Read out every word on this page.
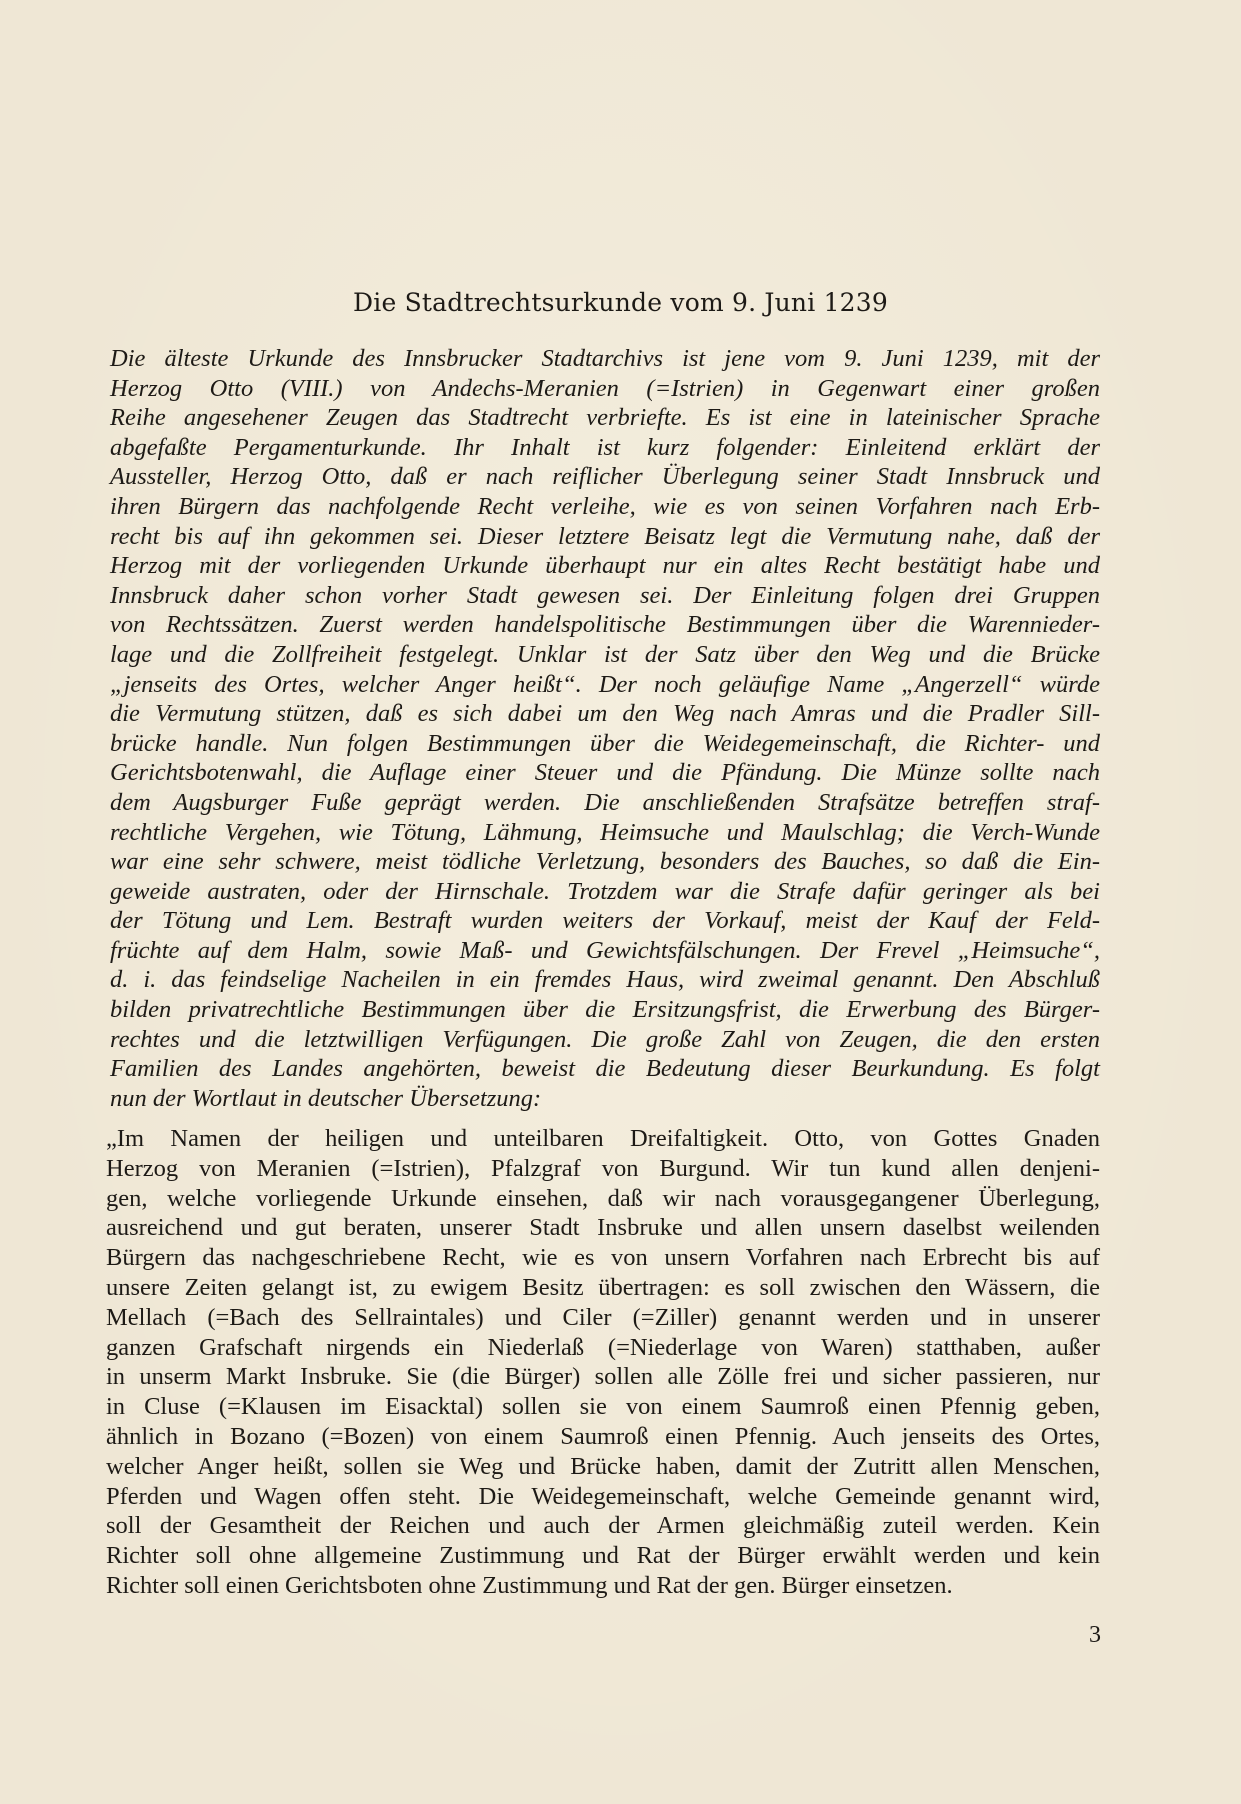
Die Stadtrechtsurkunde vom 9. Juni 1239
Die älteste Urkunde des Innsbrucker Stadtarchivs ist jene vom 9. Juni 1239, mit der
Herzog Otto (VIII.) von Andechs-Meranien (=Istrien) in Gegenwart einer großen
Reihe angesehener Zeugen das Stadtrecht verbriefte. Es ist eine in lateinischer Sprache
abgefaßte Pergamenturkunde. Ihr Inhalt ist kurz folgender: Einleitend erklärt der
Aussteller, Herzog Otto, daß er nach reiflicher Überlegung seiner Stadt Innsbruck und
ihren Bürgern das nachfolgende Recht verleihe, wie es von seinen Vorfahren nach Erb-
recht bis auf ihn gekommen sei. Dieser letztere Beisatz legt die Vermutung nahe, daß der
Herzog mit der vorliegenden Urkunde überhaupt nur ein altes Recht bestätigt habe und
Innsbruck daher schon vorher Stadt gewesen sei. Der Einleitung folgen drei Gruppen
von Rechtssätzen. Zuerst werden handelspolitische Bestimmungen über die Warennieder-
lage und die Zollfreiheit festgelegt. Unklar ist der Satz über den Weg und die Brücke
„jenseits des Ortes, welcher Anger heißt“. Der noch geläufige Name „Angerzell“ würde
die Vermutung stützen, daß es sich dabei um den Weg nach Amras und die Pradler Sill-
brücke handle. Nun folgen Bestimmungen über die Weidegemeinschaft, die Richter- und
Gerichtsbotenwahl, die Auflage einer Steuer und die Pfändung. Die Münze sollte nach
dem Augsburger Fuße geprägt werden. Die anschließenden Strafsätze betreffen straf-
rechtliche Vergehen, wie Tötung, Lähmung, Heimsuche und Maulschlag; die Verch-Wunde
war eine sehr schwere, meist tödliche Verletzung, besonders des Bauches, so daß die Ein-
geweide austraten, oder der Hirnschale. Trotzdem war die Strafe dafür geringer als bei
der Tötung und Lem. Bestraft wurden weiters der Vorkauf, meist der Kauf der Feld-
früchte auf dem Halm, sowie Maß- und Gewichtsfälschungen. Der Frevel „Heimsuche“,
d. i. das feindselige Nacheilen in ein fremdes Haus, wird zweimal genannt. Den Abschluß
bilden privatrechtliche Bestimmungen über die Ersitzungsfrist, die Erwerbung des Bürger-
rechtes und die letztwilligen Verfügungen. Die große Zahl von Zeugen, die den ersten
Familien des Landes angehörten, beweist die Bedeutung dieser Beurkundung. Es folgt
nun der Wortlaut in deutscher Übersetzung:
„Im Namen der heiligen und unteilbaren Dreifaltigkeit. Otto, von Gottes Gnaden
Herzog von Meranien (=Istrien), Pfalzgraf von Burgund. Wir tun kund allen denjeni-
gen, welche vorliegende Urkunde einsehen, daß wir nach vorausgegangener Überlegung,
ausreichend und gut beraten, unserer Stadt Insbruke und allen unsern daselbst weilenden
Bürgern das nachgeschriebene Recht, wie es von unsern Vorfahren nach Erbrecht bis auf
unsere Zeiten gelangt ist, zu ewigem Besitz übertragen: es soll zwischen den Wässern, die
Mellach (=Bach des Sellraintales) und Ciler (=Ziller) genannt werden und in unserer
ganzen Grafschaft nirgends ein Niederlaß (=Niederlage von Waren) statthaben, außer
in unserm Markt Insbruke. Sie (die Bürger) sollen alle Zölle frei und sicher passieren, nur
in Cluse (=Klausen im Eisacktal) sollen sie von einem Saumroß einen Pfennig geben,
ähnlich in Bozano (=Bozen) von einem Saumroß einen Pfennig. Auch jenseits des Ortes,
welcher Anger heißt, sollen sie Weg und Brücke haben, damit der Zutritt allen Menschen,
Pferden und Wagen offen steht. Die Weidegemeinschaft, welche Gemeinde genannt wird,
soll der Gesamtheit der Reichen und auch der Armen gleichmäßig zuteil werden. Kein
Richter soll ohne allgemeine Zustimmung und Rat der Bürger erwählt werden und kein
Richter soll einen Gerichtsboten ohne Zustimmung und Rat der gen. Bürger einsetzen.
3
